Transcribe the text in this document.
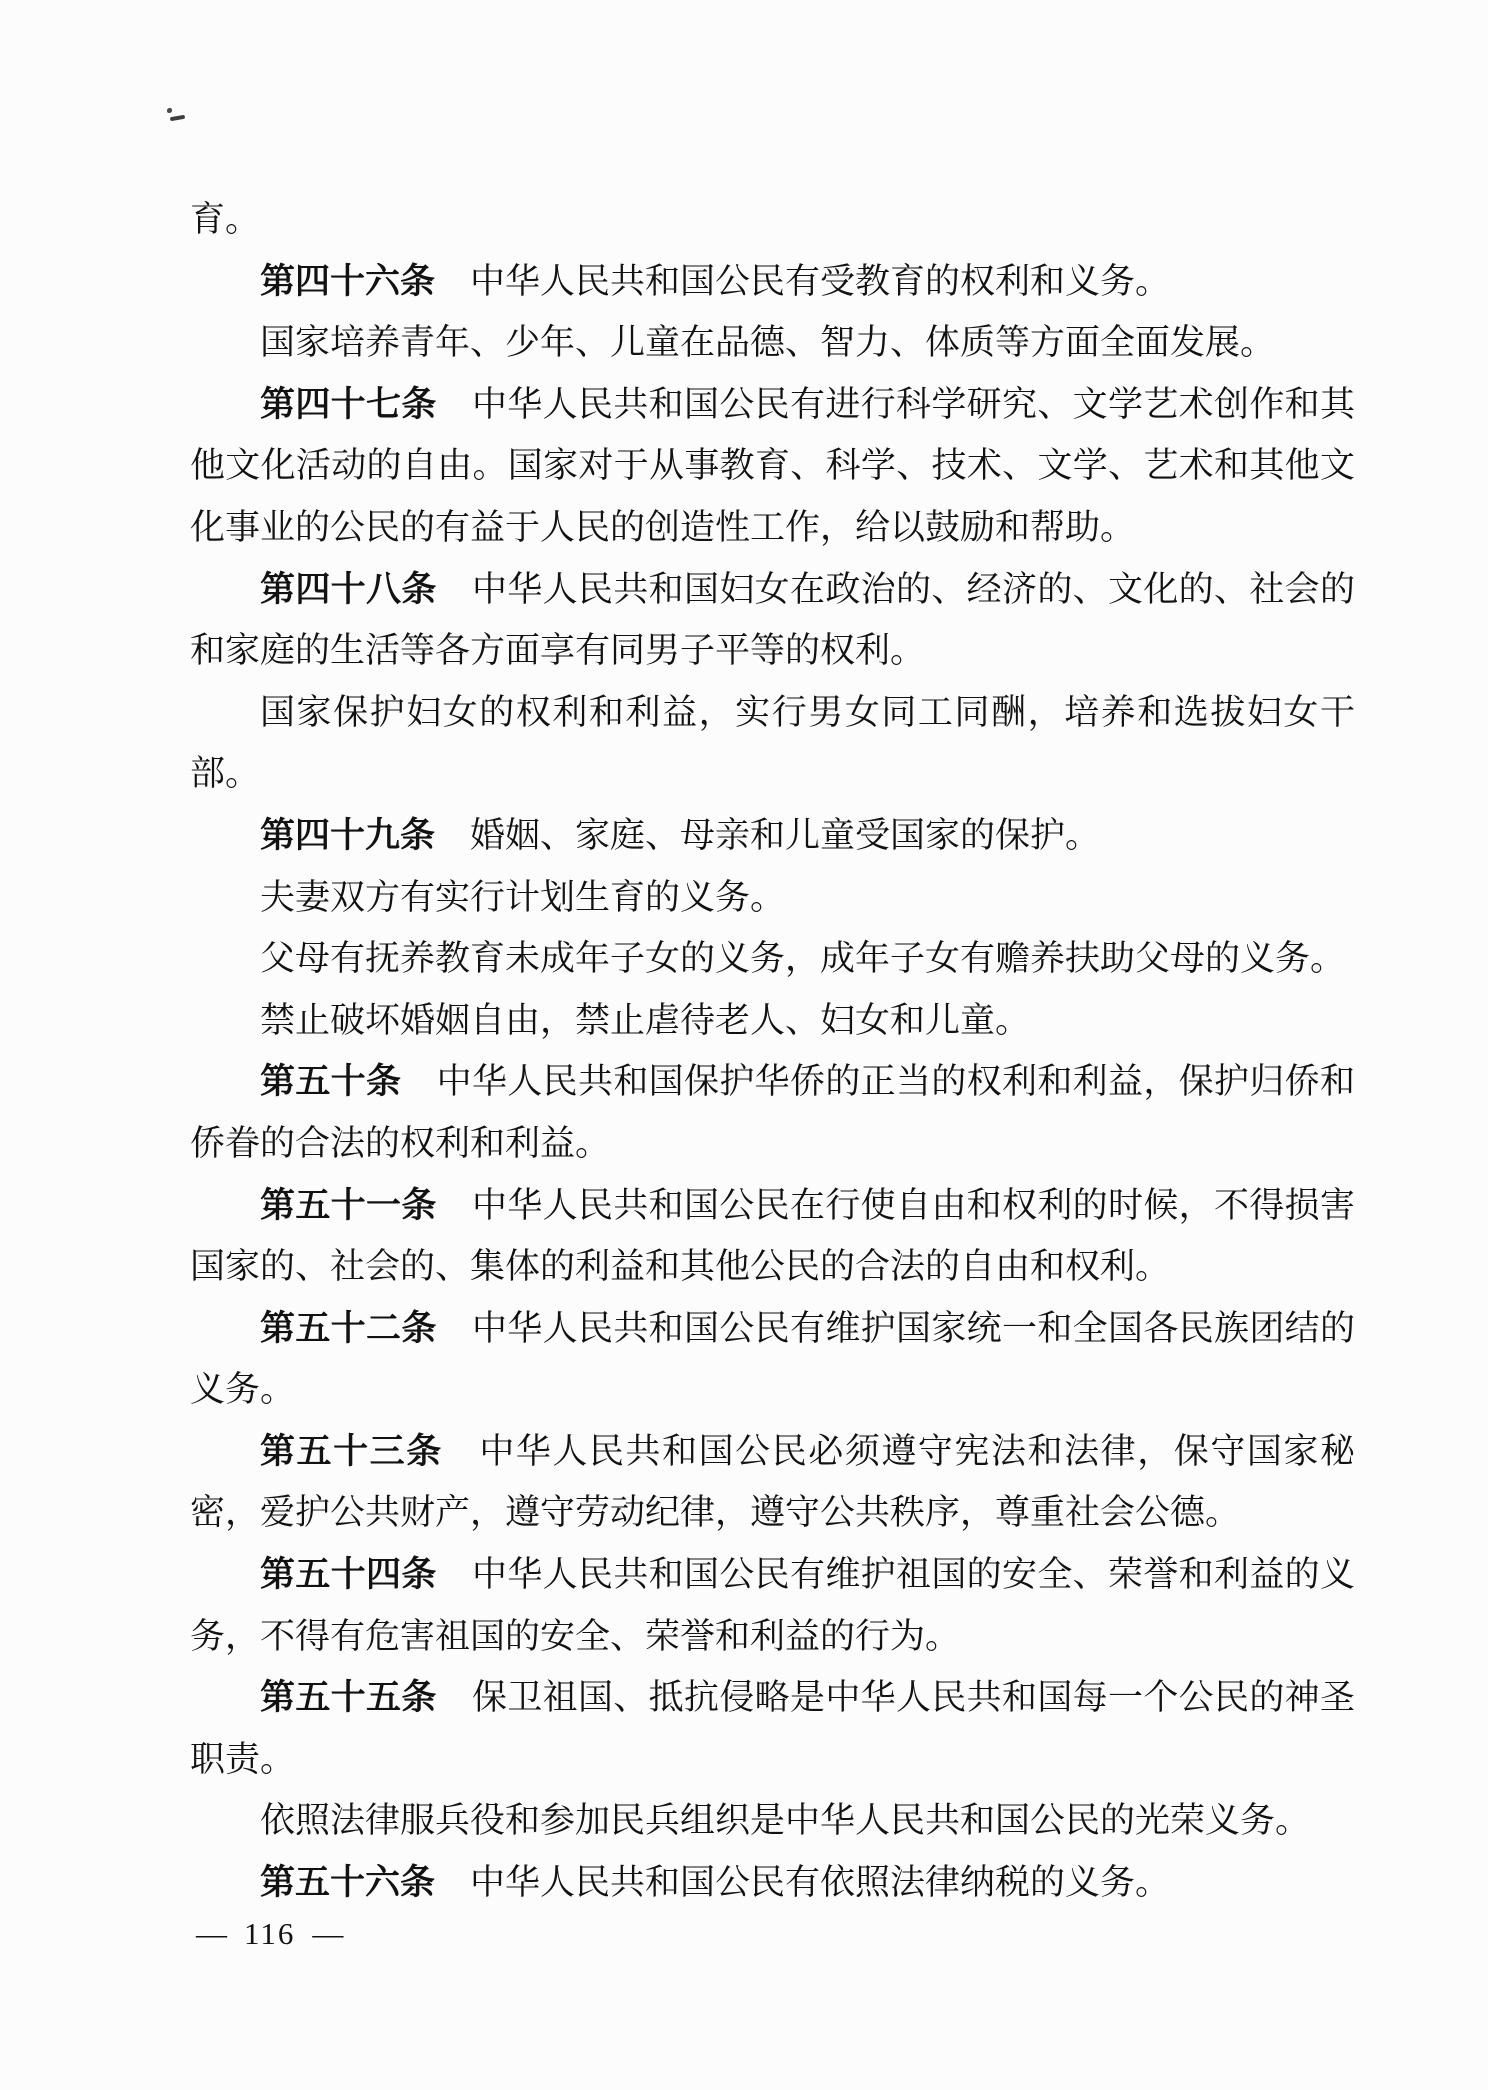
育。

第四十六条　中华人民共和国公民有受教育的权利和义务。

国家培养青年、少年、儿童在品德、智力、体质等方面全面发展。

第四十七条　中华人民共和国公民有进行科学研究、文学艺术创作和其他文化活动的自由。国家对于从事教育、科学、技术、文学、艺术和其他文化事业的公民的有益于人民的创造性工作，给以鼓励和帮助。

第四十八条　中华人民共和国妇女在政治的、经济的、文化的、社会的和家庭的生活等各方面享有同男子平等的权利。

国家保护妇女的权利和利益，实行男女同工同酬，培养和选拔妇女干部。

第四十九条　婚姻、家庭、母亲和儿童受国家的保护。

夫妻双方有实行计划生育的义务。

父母有抚养教育未成年子女的义务，成年子女有赡养扶助父母的义务。

禁止破坏婚姻自由，禁止虐待老人、妇女和儿童。

第五十条　中华人民共和国保护华侨的正当的权利和利益，保护归侨和侨眷的合法的权利和利益。

第五十一条　中华人民共和国公民在行使自由和权利的时候，不得损害国家的、社会的、集体的利益和其他公民的合法的自由和权利。

第五十二条　中华人民共和国公民有维护国家统一和全国各民族团结的义务。

第五十三条　中华人民共和国公民必须遵守宪法和法律，保守国家秘密，爱护公共财产，遵守劳动纪律，遵守公共秩序，尊重社会公德。

第五十四条　中华人民共和国公民有维护祖国的安全、荣誉和利益的义务，不得有危害祖国的安全、荣誉和利益的行为。

第五十五条　保卫祖国、抵抗侵略是中华人民共和国每一个公民的神圣职责。

依照法律服兵役和参加民兵组织是中华人民共和国公民的光荣义务。

第五十六条　中华人民共和国公民有依照法律纳税的义务。

— 116 —
